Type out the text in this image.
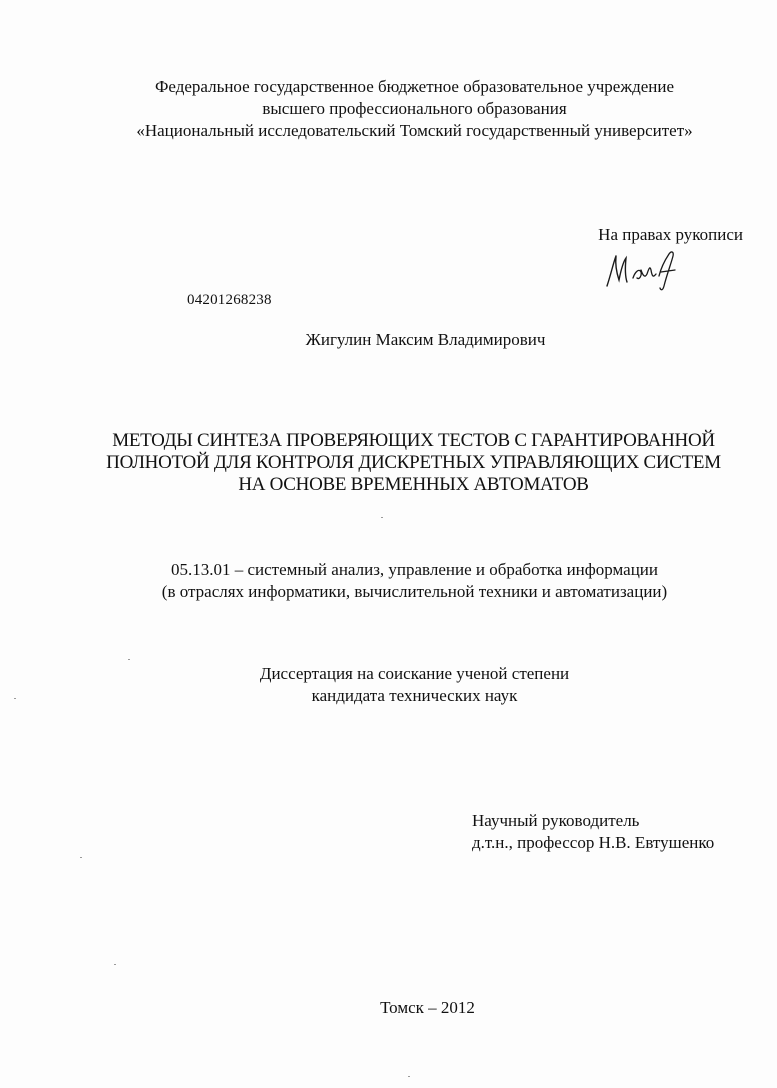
Федеральное государственное бюджетное образовательное учреждение
высшего профессионального образования
«Национальный исследовательский Томский государственный университет»
На правах рукописи
04201268238
Жигулин Максим Владимирович
МЕТОДЫ СИНТЕЗА ПРОВЕРЯЮЩИХ ТЕСТОВ С ГАРАНТИРОВАННОЙ
ПОЛНОТОЙ ДЛЯ КОНТРОЛЯ ДИСКРЕТНЫХ УПРАВЛЯЮЩИХ СИСТЕМ
НА ОСНОВЕ ВРЕМЕННЫХ АВТОМАТОВ
05.13.01 – системный анализ, управление и обработка информации
(в отраслях информатики, вычислительной техники и автоматизации)
Диссертация на соискание ученой степени
кандидата технических наук
Научный руководитель
д.т.н., профессор Н.В. Евтушенко
Томск – 2012
